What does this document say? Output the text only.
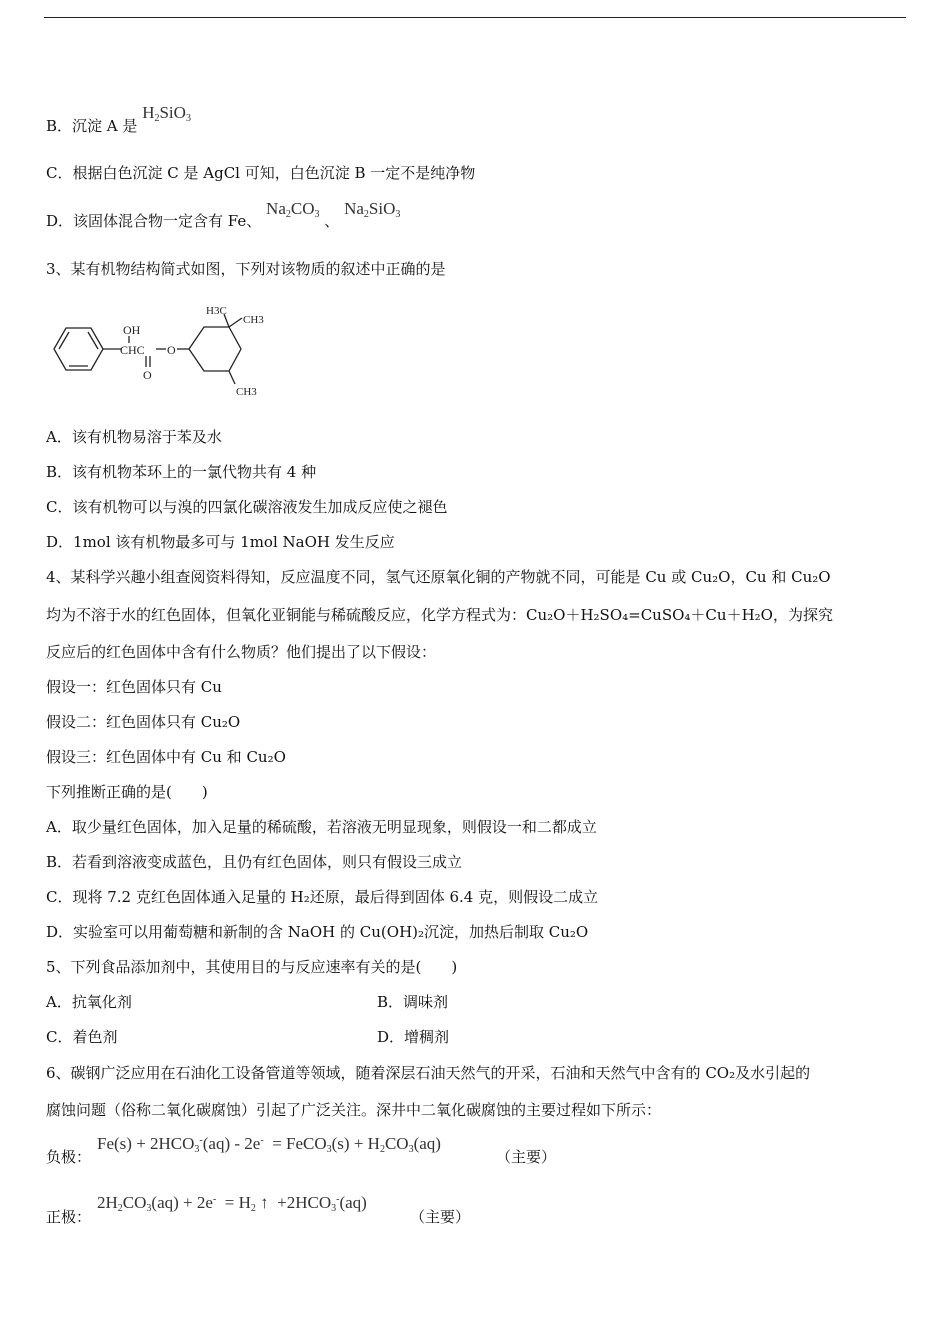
B．沉淀 A 是 $H_2SiO_3$
C．根据白色沉淀 C 是 AgCl 可知，白色沉淀 B 一定不是纯净物
D．该固体混合物一定含有 Fe、 $Na_2CO_3$ 、 $Na_2SiO_3$
3、某有机物结构简式如图，下列对该物质的叙述中正确的是
OH
CHC O
O
H3C
CH3
CH3
A．该有机物易溶于苯及水
B．该有机物苯环上的一氯代物共有 4 种
C．该有机物可以与溴的四氯化碳溶液发生加成反应使之褪色
D．1mol 该有机物最多可与 1mol NaOH 发生反应
4、某科学兴趣小组查阅资料得知，反应温度不同，氢气还原氧化铜的产物就不同，可能是 Cu 或 Cu₂O，Cu 和 Cu₂O
均为不溶于水的红色固体，但氧化亚铜能与稀硫酸反应，化学方程式为：Cu₂O＋H₂SO₄=CuSO₄＋Cu＋H₂O，为探究
反应后的红色固体中含有什么物质？他们提出了以下假设：
假设一：红色固体只有 Cu
假设二：红色固体只有 Cu₂O
假设三：红色固体中有 Cu 和 Cu₂O
下列推断正确的是(　　)
A．取少量红色固体，加入足量的稀硫酸，若溶液无明显现象，则假设一和二都成立
B．若看到溶液变成蓝色，且仍有红色固体，则只有假设三成立
C．现将 7.2 克红色固体通入足量的 H₂还原，最后得到固体 6.4 克，则假设二成立
D．实验室可以用葡萄糖和新制的含 NaOH 的 Cu(OH)₂沉淀，加热后制取 Cu₂O
5、下列食品添加剂中，其使用目的与反应速率有关的是(　　)
A．抗氧化剂	B．调味剂
C．着色剂	D．增稠剂
6、碳钢广泛应用在石油化工设备管道等领域，随着深层石油天然气的开采，石油和天然气中含有的 CO₂及水引起的
腐蚀问题（俗称二氧化碳腐蚀）引起了广泛关注。深井中二氧化碳腐蚀的主要过程如下所示：
负极：
$Fe(s) + 2HCO_3^-(aq) - 2e^-$  = FeCO$_3$(s) + $H_2CO_3(aq)$
（主要）
正极：
$2H_2CO_3(aq) + 2e^- = H_2$ ↑  $+2HCO_3^-(aq)$
（主要）
